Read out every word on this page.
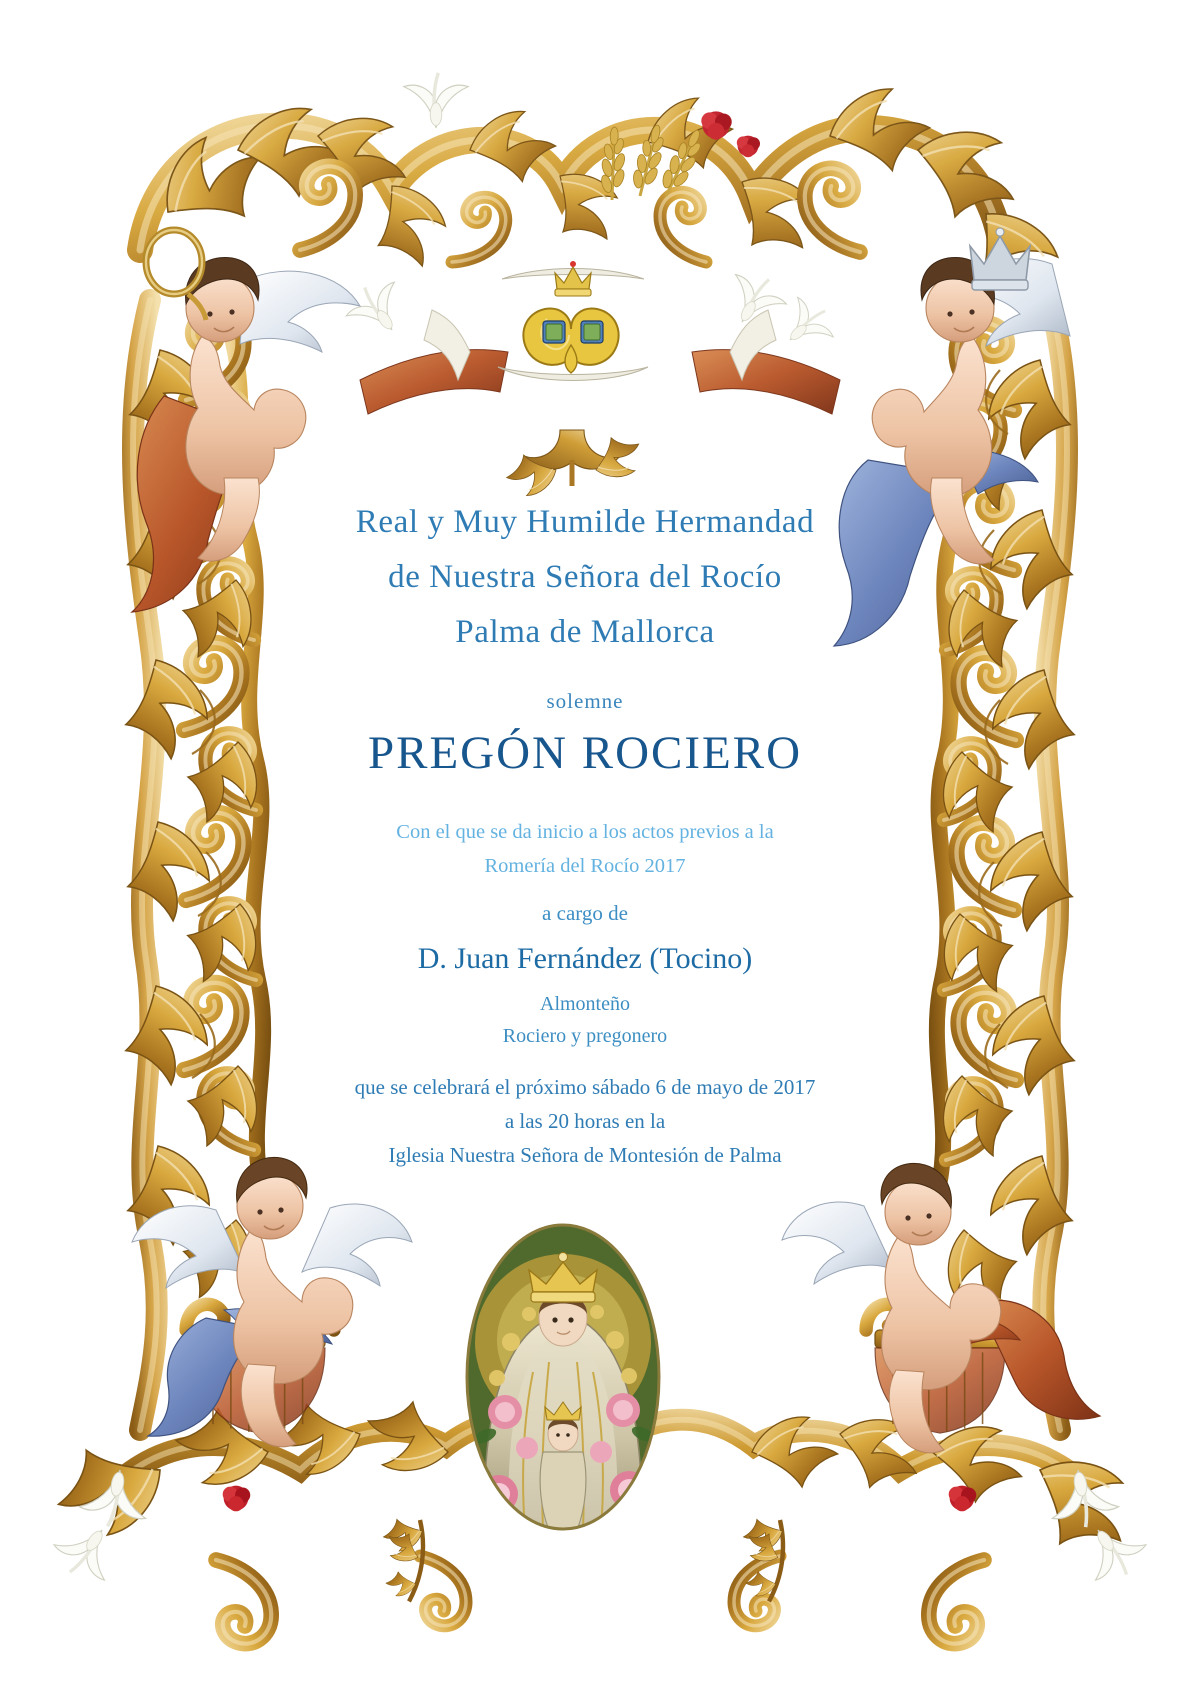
Real y Muy Humilde Hermandad
de Nuestra Señora del Rocío
Palma de Mallorca
solemne
PREGÓN ROCIERO
Con el que se da inicio a los actos previos a la
Romería del Rocío 2017
a cargo de
D. Juan Fernández (Tocino)
Almonteño
Rociero y pregonero
que se celebrará el próximo sábado 6 de mayo de 2017
a las 20 horas en la
Iglesia Nuestra Señora de Montesión de Palma
